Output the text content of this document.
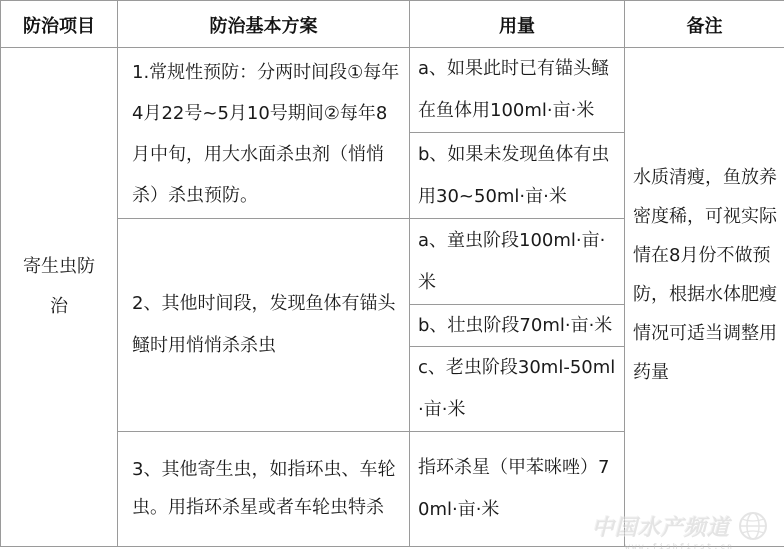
防治项目	防治基本方案	用量	备注	

寄生虫防治	1.常规性预防：分两时间段①每年4月22号~5月10号期间②每年8月中旬，用大水面杀虫剂（悄悄杀）杀虫预防。	a、如果此时已有锚头鳋在鱼体用100ml·亩·米	水质清瘦，鱼放养密度稀，可视实际情在8月份不做预防，根据水体肥瘦情况可适当调整用药量	

		b、如果未发现鱼体有虫用30~50ml·亩·米		

	2、其他时间段，发现鱼体有锚头鳋时用悄悄杀杀虫	a、童虫阶段100ml·亩·米		

		b、壮虫阶段70ml·亩·米		

		c、老虫阶段30ml-50ml·亩·米		

	3、其他寄生虫，如指环虫、车轮虫。用指环杀星或者车轮虫特杀	指环杀星（甲苯咪唑）70ml·亩·米		

中国水产频道
www.fishfirst.cn
